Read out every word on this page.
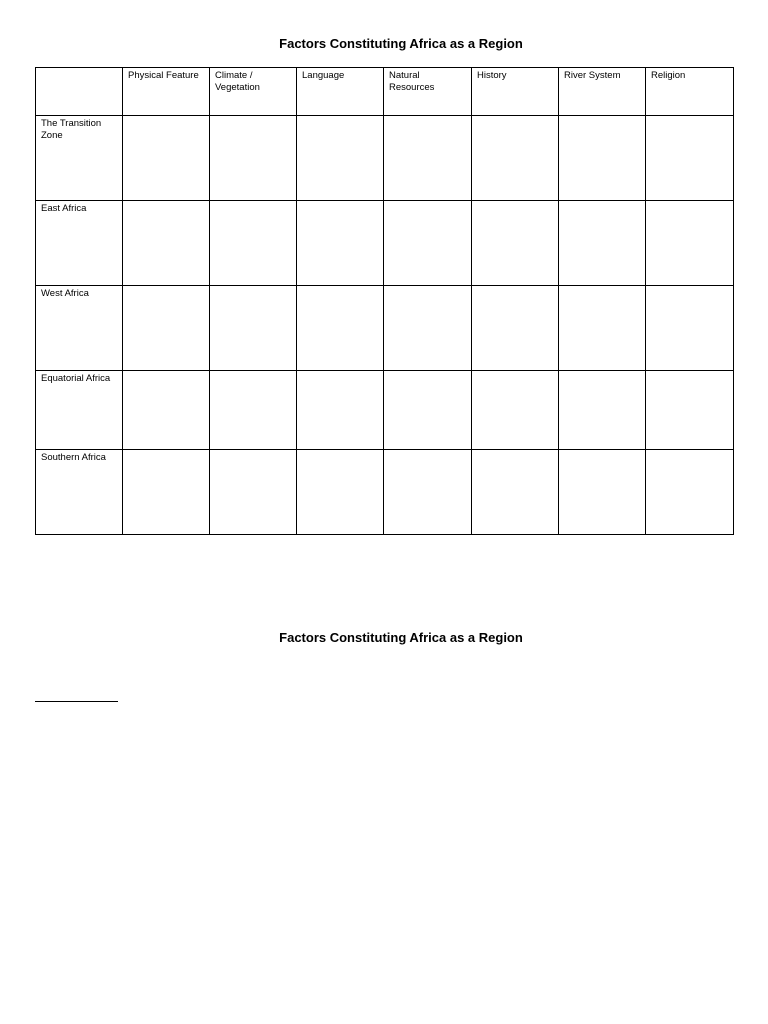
Factors Constituting Africa as a Region
	Physical Feature	Climate / Vegetation	Language	Natural Resources	History	River System	Religion
The Transition Zone							
East Africa							
West Africa							
Equatorial Africa							
Southern Africa							
Factors Constituting Africa as a Region
